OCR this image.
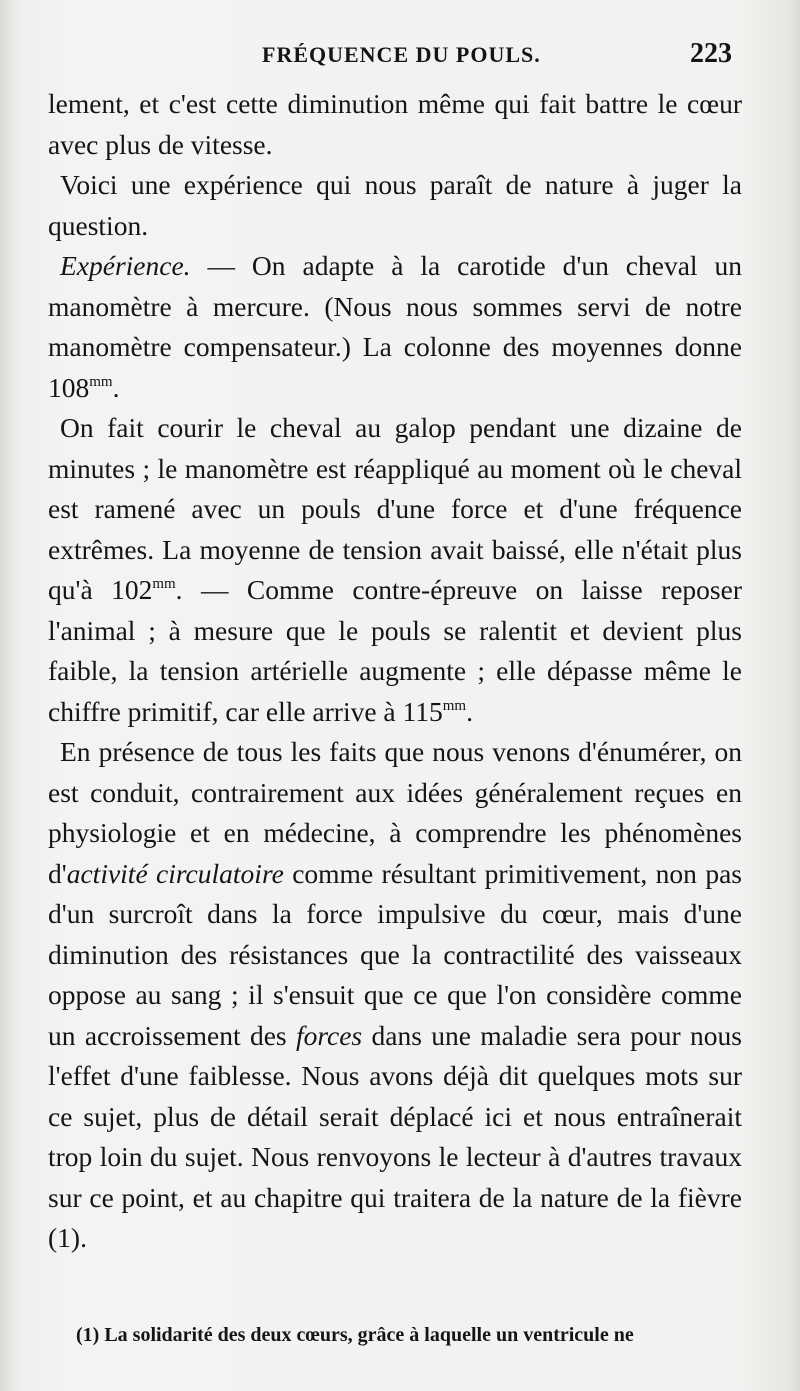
FRÉQUENCE DU POULS.	223

lement, et c'est cette diminution même qui fait battre le cœur avec plus de vitesse.

Voici une expérience qui nous paraît de nature à juger la question.

Expérience. — On adapte à la carotide d'un cheval un manomètre à mercure. (Nous nous sommes servi de notre manomètre compensateur.) La colonne des moyennes donne $108^{mm}$.

On fait courir le cheval au galop pendant une dizaine de minutes ; le manomètre est réappliqué au moment où le cheval est ramené avec un pouls d'une force et d'une fréquence extrêmes. La moyenne de tension avait baissé, elle n'était plus qu'à $102^{mm}$. — Comme contre-épreuve on laisse reposer l'animal ; à mesure que le pouls se ralentit et devient plus faible, la tension artérielle augmente ; elle dépasse même le chiffre primitif, car elle arrive à $115^{mm}$.

En présence de tous les faits que nous venons d'énumérer, on est conduit, contrairement aux idées généralement reçues en physiologie et en médecine, à comprendre les phénomènes d'activité circulatoire comme résultant primitivement, non pas d'un surcroît dans la force impulsive du cœur, mais d'une diminution des résistances que la contractilité des vaisseaux oppose au sang ; il s'ensuit que ce que l'on considère comme un accroissement des forces dans une maladie sera pour nous l'effet d'une faiblesse. Nous avons déjà dit quelques mots sur ce sujet, plus de détail serait déplacé ici et nous entraînerait trop loin du sujet. Nous renvoyons le lecteur à d'autres travaux sur ce point, et au chapitre qui traitera de la nature de la fièvre (1).

(1) La solidarité des deux cœurs, grâce à laquelle un ventricule ne
